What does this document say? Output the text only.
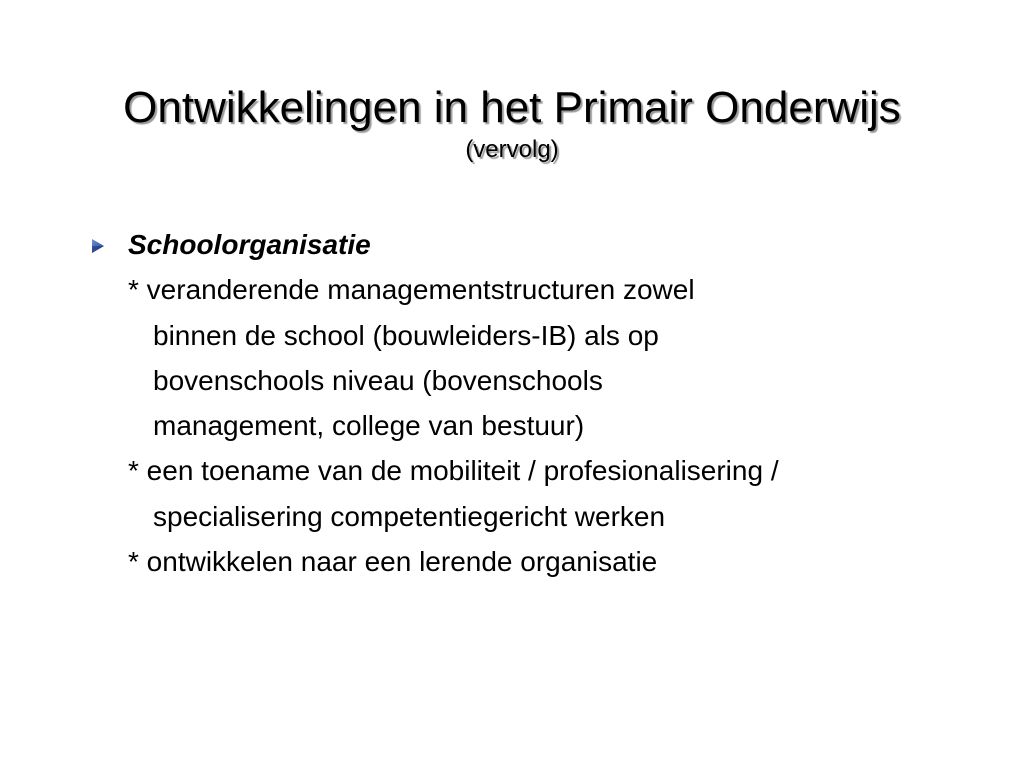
Ontwikkelingen in het Primair Onderwijs
(vervolg)
Schoolorganisatie
* veranderende managementstructuren zowel
binnen de school (bouwleiders-IB) als op
bovenschools niveau (bovenschools
management, college van bestuur)
* een toename van de mobiliteit / profesionalisering /
specialisering competentiegericht werken
* ontwikkelen naar een lerende organisatie
